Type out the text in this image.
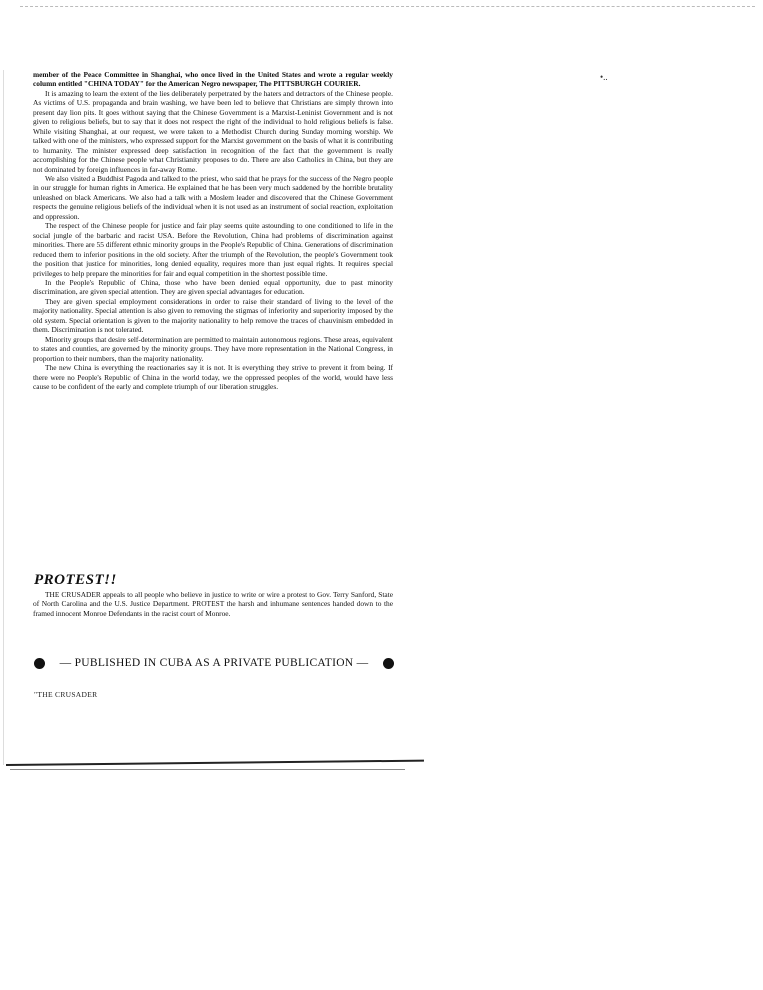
•..

member of the Peace Committee in Shanghai, who once lived in the United States and wrote a regular weekly column entitled "CHINA TODAY" for the American Negro newspaper, The PITTSBURGH COURIER.

It is amazing to learn the extent of the lies deliberately perpetrated by the haters and detractors of the Chinese people. As victims of U.S. propaganda and brain washing, we have been led to believe that Christians are simply thrown into present day lion pits. It goes without saying that the Chinese Government is a Marxist-Leninist Government and is not given to religious beliefs, but to say that it does not respect the right of the individual to hold religious beliefs is false. While visiting Shanghai, at our request, we were taken to a Methodist Church during Sunday morning worship. We talked with one of the ministers, who expressed support for the Marxist government on the basis of what it is contributing to humanity. The minister expressed deep satisfaction in recognition of the fact that the government is really accomplishing for the Chinese people what Christianity proposes to do. There are also Catholics in China, but they are not dominated by foreign influences in far-away Rome.

We also visited a Buddhist Pagoda and talked to the priest, who said that he prays for the success of the Negro people in our struggle for human rights in America. He explained that he has been very much saddened by the horrible brutality unleashed on black Americans. We also had a talk with a Moslem leader and discovered that the Chinese Government respects the genuine religious beliefs of the individual when it is not used as an instrument of social reaction, exploitation and oppression.

The respect of the Chinese people for justice and fair play seems quite astounding to one conditioned to life in the social jungle of the barbaric and racist USA. Before the Revolution, China had problems of discrimination against minorities. There are 55 different ethnic minority groups in the People's Republic of China. Generations of discrimination reduced them to inferior positions in the old society. After the triumph of the Revolution, the people's Government took the position that justice for minorities, long denied equality, requires more than just equal rights. It requires special privileges to help prepare the minorities for fair and equal competition in the shortest possible time.

In the People's Republic of China, those who have been denied equal opportunity, due to past minority discrimination, are given special attention. They are given special advantages for education.

They are given special employment considerations in order to raise their standard of living to the level of the majority nationality. Special attention is also given to removing the stigmas of inferiority and superiority imposed by the old system. Special orientation is given to the majority nationality to help remove the traces of chauvinism embedded in them. Discrimination is not tolerated.

Minority groups that desire self-determination are permitted to maintain autonomous regions. These areas, equivalent to states and counties, are governed by the minority groups. They have more representation in the National Congress, in proportion to their numbers, than the majority nationality.

The new China is everything the reactionaries say it is not. It is everything they strive to prevent it from being. If there were no People's Republic of China in the world today, we the oppressed peoples of the world, would have less cause to be confident of the early and complete triumph of our liberation struggles.

PROTEST!!

THE CRUSADER appeals to all people who believe in justice to write or wire a protest to Gov. Terry Sanford, State of North Carolina and the U.S. Justice Department. PROTEST the harsh and inhumane sentences handed down to the framed innocent Monroe Defendants in the racist court of Monroe.

— PUBLISHED IN CUBA AS A PRIVATE PUBLICATION —
"THE CRUSADER
